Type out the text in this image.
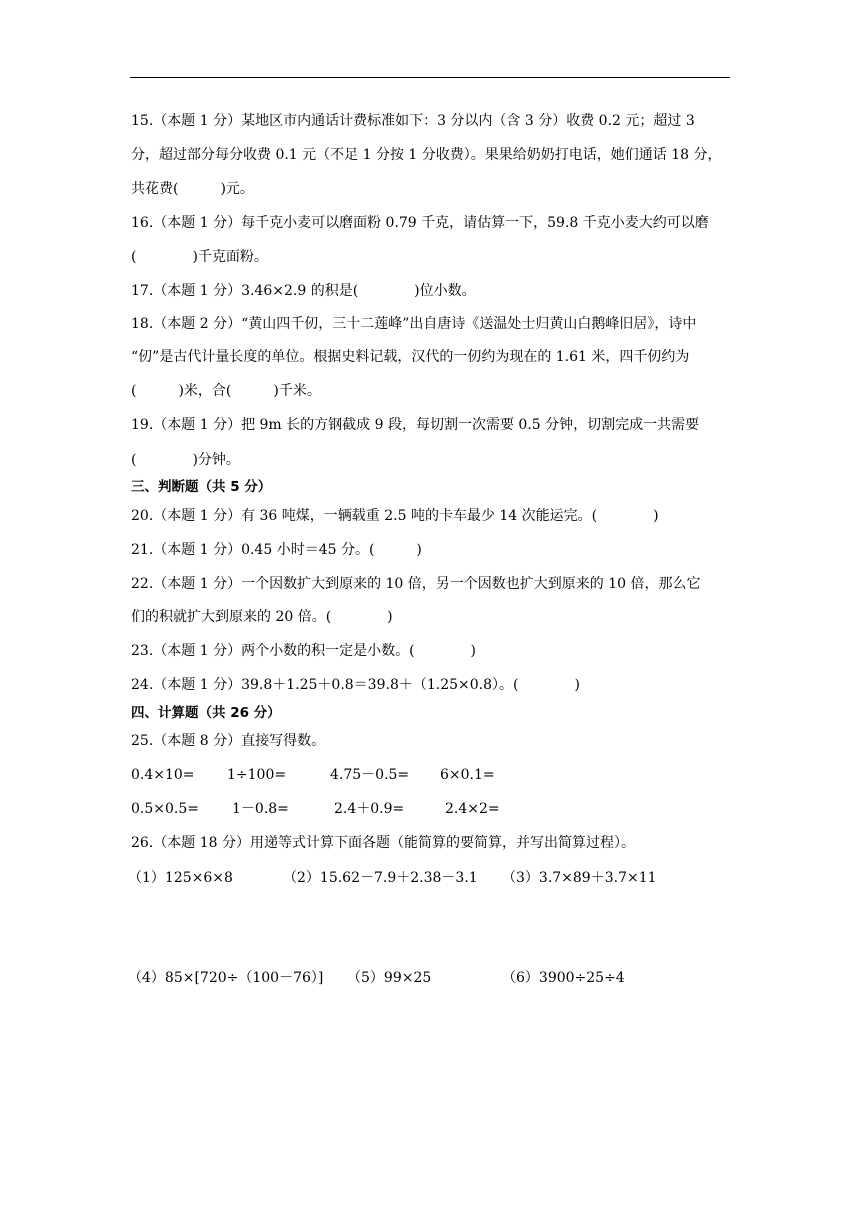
15.（本题 1 分）某地区市内通话计费标准如下：3 分以内（含 3 分）收费 0.2 元；超过 3
分，超过部分每分收费 0.1 元（不足 1 分按 1 分收费）。果果给奶奶打电话，她们通话 18 分，
共花费(　　　)元。
16.（本题 1 分）每千克小麦可以磨面粉 0.79 千克，请估算一下，59.8 千克小麦大约可以磨
(　　　　)千克面粉。
17.（本题 1 分）3.46×2.9 的积是(　　　　)位小数。
18.（本题 2 分）“黄山四千仞，三十二莲峰”出自唐诗《送温处士归黄山白鹅峰旧居》，诗中
“仞”是古代计量长度的单位。根据史料记载，汉代的一仞约为现在的 1.61 米，四千仞约为
(　　　)米，合(　　　)千米。
19.（本题 1 分）把 9m 长的方钢截成 9 段，每切割一次需要 0.5 分钟，切割完成一共需要
(　　　　)分钟。
三、判断题（共 5 分）
20.（本题 1 分）有 36 吨煤，一辆载重 2.5 吨的卡车最少 14 次能运完。(　　　　)
21.（本题 1 分）0.45 小时＝45 分。(　　　)
22.（本题 1 分）一个因数扩大到原来的 10 倍，另一个因数也扩大到原来的 10 倍，那么它
们的积就扩大到原来的 20 倍。(　　　　)
23.（本题 1 分）两个小数的积一定是小数。(　　　　)
24.（本题 1 分）39.8＋1.25＋0.8＝39.8＋（1.25×0.8）。(　　　　)
四、计算题（共 26 分）
25.（本题 8 分）直接写得数。
0.4×10= 1÷100=	4.75－0.5= 6×0.1=
0.5×0.5= 1－0.8=	2.4＋0.9=	2.4×2=
26.（本题 18 分）用递等式计算下面各题（能简算的要简算，并写出简算过程）。
（1）125×6×8	（2）15.62－7.9＋2.38－3.1 （3）3.7×89＋3.7×11
（4）85×[720÷（100－76）] （5）99×25	（6）3900÷25÷4
